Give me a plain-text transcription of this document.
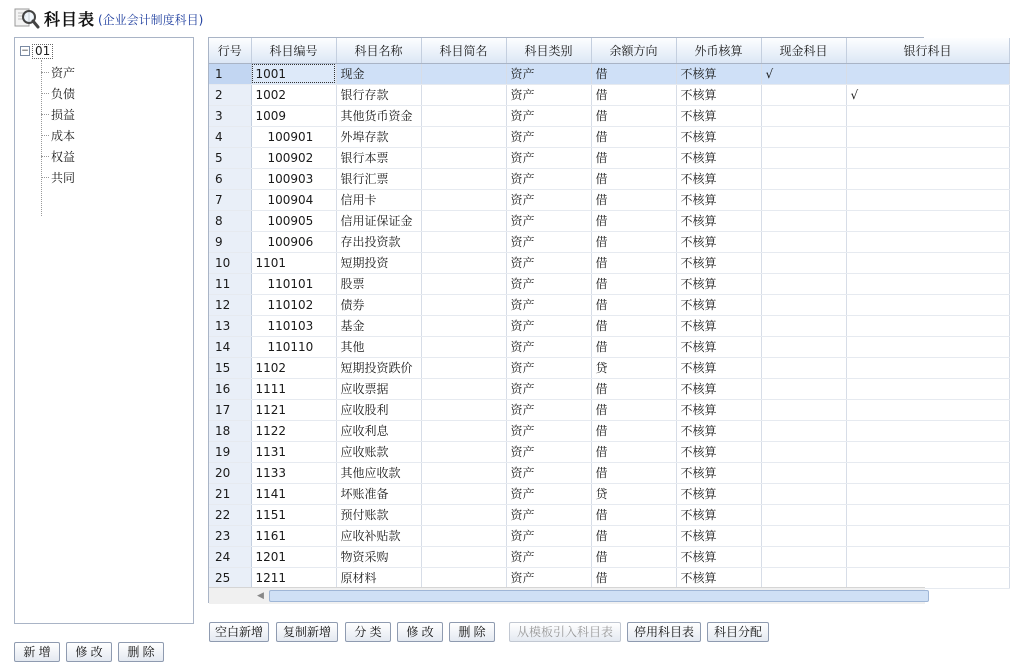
科目表 (企业会计制度科目)
− 01
资产
负债
损益
成本
权益
共同
行号	科目编号	科目名称	科目简名	科目类别	余额方向	外币核算	现金科目	银行科目
1	1001	现金		资产	借	不核算	√	
2	1002	银行存款		资产	借	不核算		√
3	1009	其他货币资金		资产	借	不核算		
4	100901	外埠存款		资产	借	不核算		
5	100902	银行本票		资产	借	不核算		
6	100903	银行汇票		资产	借	不核算		
7	100904	信用卡		资产	借	不核算		
8	100905	信用证保证金		资产	借	不核算		
9	100906	存出投资款		资产	借	不核算		
10	1101	短期投资		资产	借	不核算		
11	110101	股票		资产	借	不核算		
12	110102	债券		资产	借	不核算		
13	110103	基金		资产	借	不核算		
14	110110	其他		资产	借	不核算		
15	1102	短期投资跌价		资产	贷	不核算		
16	1111	应收票据		资产	借	不核算		
17	1121	应收股利		资产	借	不核算		
18	1122	应收利息		资产	借	不核算		
19	1131	应收账款		资产	借	不核算		
20	1133	其他应收款		资产	借	不核算		
21	1141	坏账准备		资产	贷	不核算		
22	1151	预付账款		资产	借	不核算		
23	1161	应收补贴款		资产	借	不核算		
24	1201	物资采购		资产	借	不核算		
25	1211	原材料		资产	借	不核算		
◀
空白新增	复制新增	分 类	修 改	删 除	从模板引入科目表	停用科目表	科目分配
新 增	修 改	删 除
